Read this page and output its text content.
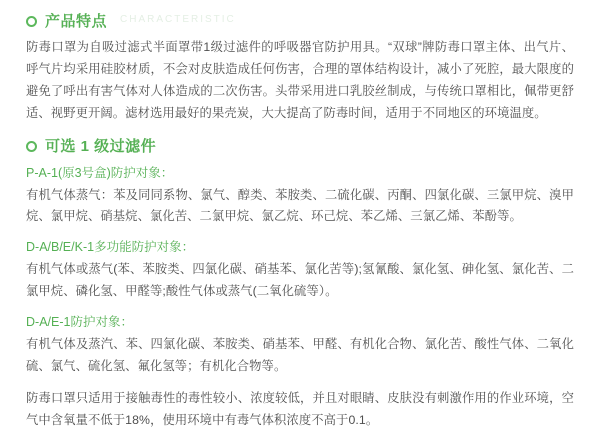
CHARACTERISTIC
产品特点

防毒口罩为自吸过滤式半面罩带1级过滤件的呼吸器官防护用具。“双球”牌防毒口罩主体、出气片、呼气片均采用硅胶材质，不会对皮肤造成任何伤害，合理的罩体结构设计，减小了死腔，最大限度的避免了呼出有害气体对人体造成的二次伤害。头带采用进口乳胶丝制成，与传统口罩相比，佩带更舒适、视野更开阔。滤材选用最好的果壳炭，大大提高了防毒时间，适用于不同地区的环境温度。

可选 1 级过滤件
P-A-1(原3号盒)防护对象：

有机气体蒸气：苯及同同系物、氯气、醇类、苯胺类、二硫化碳、丙酮、四氯化碳、三氯甲烷、溴甲烷、氯甲烷、硝基烷、氯化苦、二氯甲烷、氯乙烷、环己烷、苯乙烯、三氯乙烯、苯酚等。

D-A/B/E/K-1多功能防护对象：

有机气体或蒸气(苯、苯胺类、四氯化碳、硝基苯、氯化苦等);氢氰酸、氯化氢、砷化氢、氯化苦、二氯甲烷、磷化氢、甲醛等;酸性气体或蒸气(二氧化硫等）。

D-A/E-1防护对象：

有机气体及蒸汽、苯、四氯化碳、苯胺类、硝基苯、甲醛、有机化合物、氯化苦、酸性气体、二氧化硫、氯气、硫化氢、氟化氢等；有机化合物等。

防毒口罩只适用于接触毒性的毒性较小、浓度较低，并且对眼睛、皮肤没有刺激作用的作业环境，空气中含氧量不低于18%，使用环境中有毒气体积浓度不高于0.1。
